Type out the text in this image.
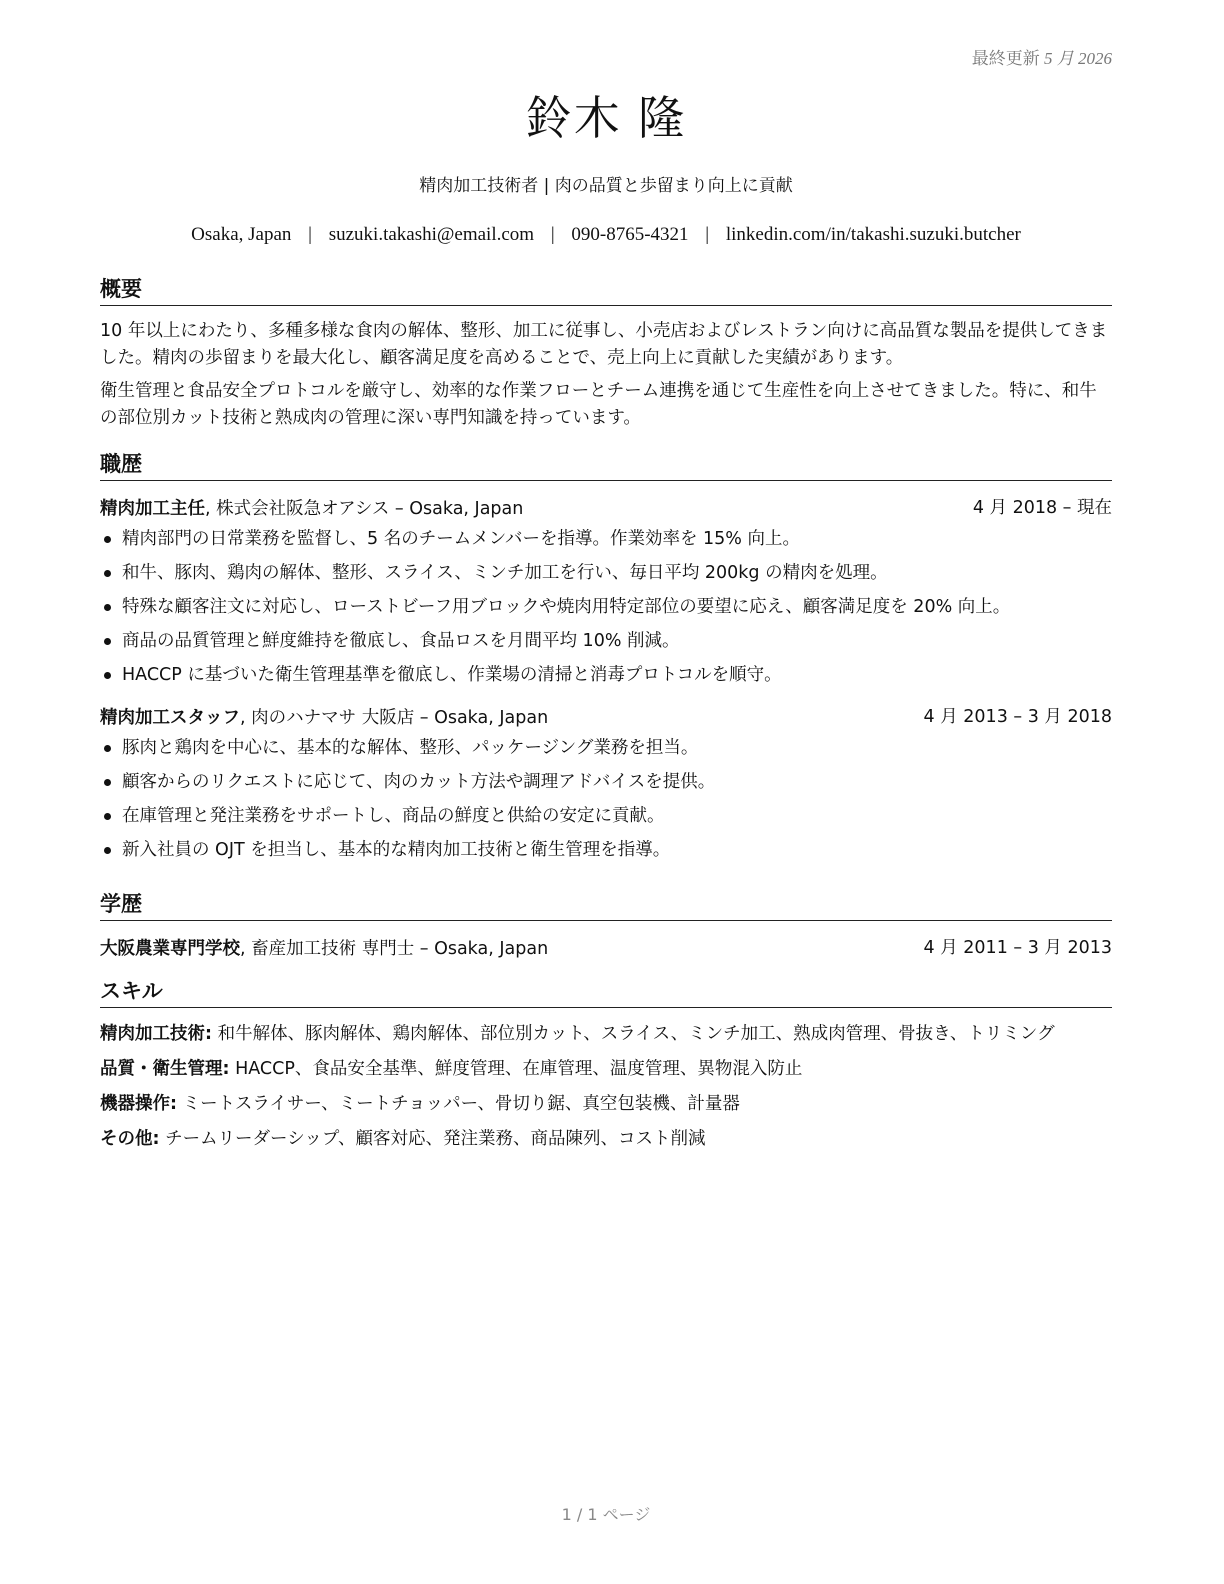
最終更新 5 月 2026
鈴木 隆
精肉加工技術者 | 肉の品質と歩留まり向上に貢献
Osaka, Japan | suzuki.takashi@email.com | 090-8765-4321 | linkedin.com/in/takashi.suzuki.butcher
概要
10 年以上にわたり、多種多様な食肉の解体、整形、加工に従事し、小売店およびレストラン向けに高品質な製品を提供してきました。精肉の歩留まりを最大化し、顧客満足度を高めることで、売上向上に貢献した実績があります。
衛生管理と食品安全プロトコルを厳守し、効率的な作業フローとチーム連携を通じて生産性を向上させてきました。特に、和牛の部位別カット技術と熟成肉の管理に深い専門知識を持っています。
職歴
精肉加工主任, 株式会社阪急オアシス – Osaka, Japan	4 月 2018 – 現在
精肉部門の日常業務を監督し、5 名のチームメンバーを指導。作業効率を 15% 向上。
和牛、豚肉、鶏肉の解体、整形、スライス、ミンチ加工を行い、毎日平均 200kg の精肉を処理。
特殊な顧客注文に対応し、ローストビーフ用ブロックや焼肉用特定部位の要望に応え、顧客満足度を 20% 向上。
商品の品質管理と鮮度維持を徹底し、食品ロスを月間平均 10% 削減。
HACCP に基づいた衛生管理基準を徹底し、作業場の清掃と消毒プロトコルを順守。
精肉加工スタッフ, 肉のハナマサ 大阪店 – Osaka, Japan	4 月 2013 – 3 月 2018
豚肉と鶏肉を中心に、基本的な解体、整形、パッケージング業務を担当。
顧客からのリクエストに応じて、肉のカット方法や調理アドバイスを提供。
在庫管理と発注業務をサポートし、商品の鮮度と供給の安定に貢献。
新入社員の OJT を担当し、基本的な精肉加工技術と衛生管理を指導。
学歴
大阪農業専門学校, 畜産加工技術 専門士 – Osaka, Japan	4 月 2011 – 3 月 2013
スキル
精肉加工技術: 和牛解体、豚肉解体、鶏肉解体、部位別カット、スライス、ミンチ加工、熟成肉管理、骨抜き、トリミング
品質・衛生管理: HACCP、食品安全基準、鮮度管理、在庫管理、温度管理、異物混入防止
機器操作: ミートスライサー、ミートチョッパー、骨切り鋸、真空包装機、計量器
その他: チームリーダーシップ、顧客対応、発注業務、商品陳列、コスト削減
1 / 1 ページ
